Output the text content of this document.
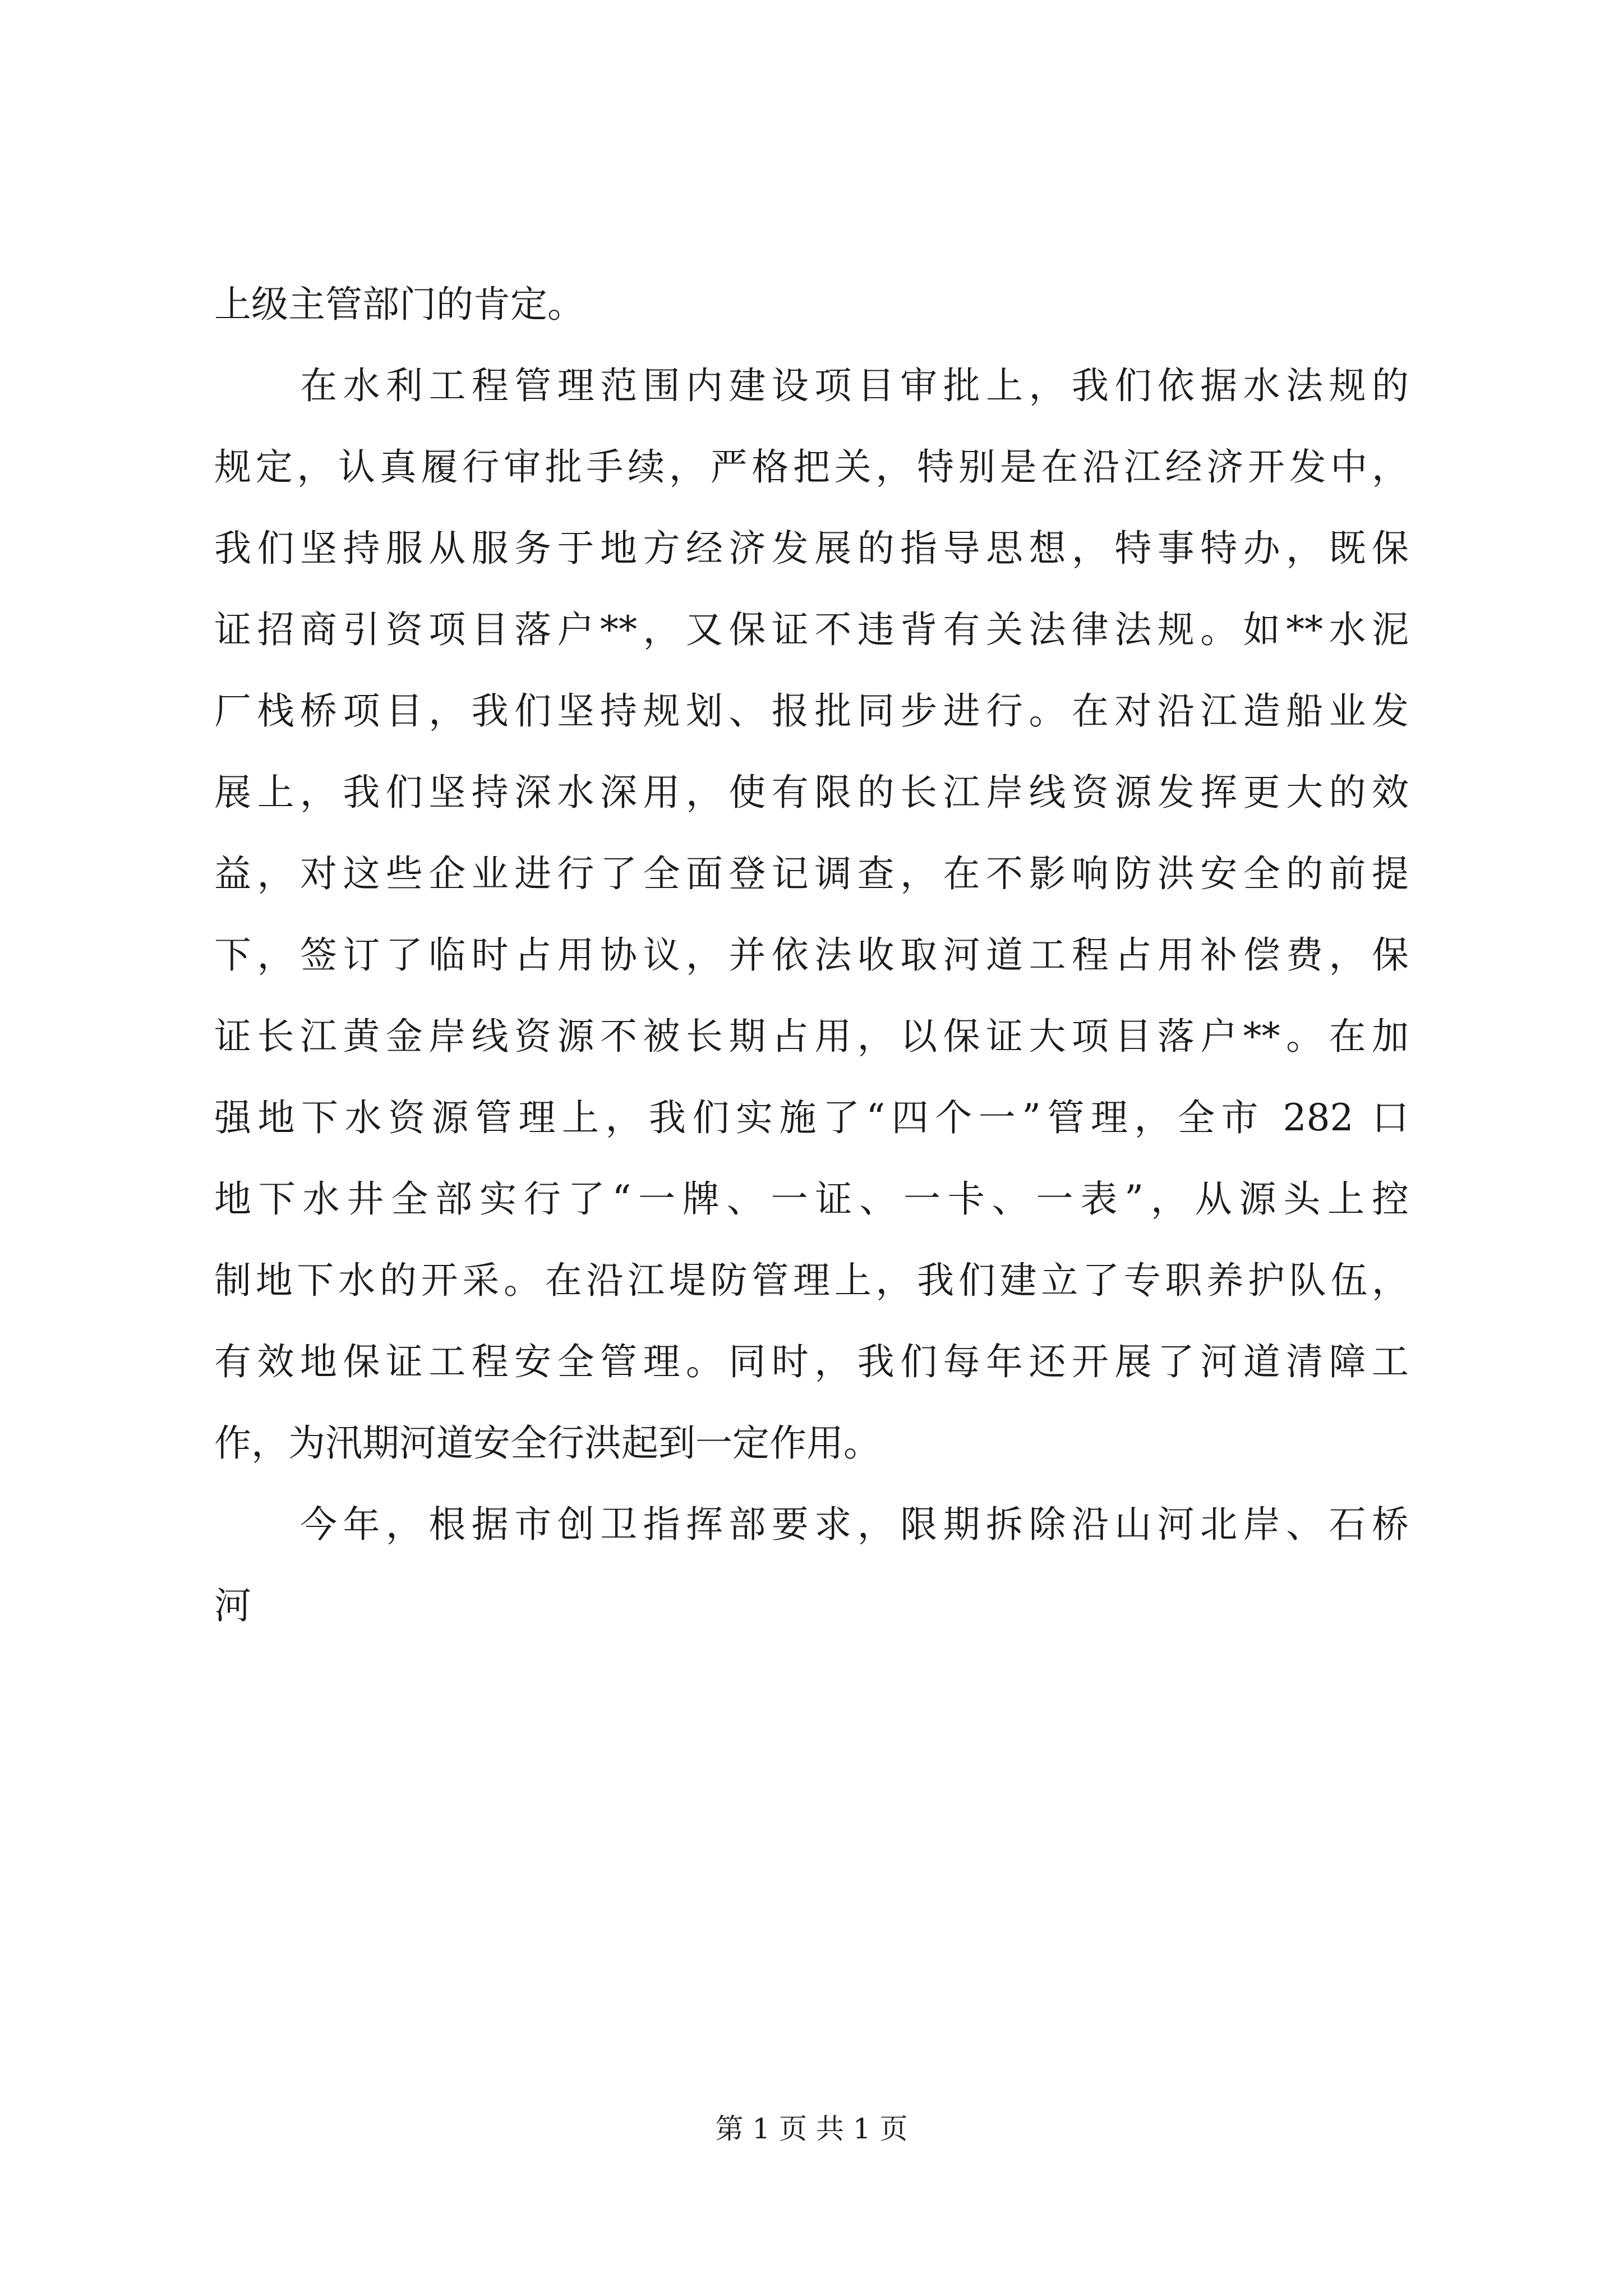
上级主管部门的肯定。
在水利工程管理范围内建设项目审批上，我们依据水法规的
规定，认真履行审批手续，严格把关，特别是在沿江经济开发中，
我们坚持服从服务于地方经济发展的指导思想，特事特办，既保
证招商引资项目落户**，又保证不违背有关法律法规。如**水泥
厂栈桥项目，我们坚持规划、报批同步进行。在对沿江造船业发
展上，我们坚持深水深用，使有限的长江岸线资源发挥更大的效
益，对这些企业进行了全面登记调查，在不影响防洪安全的前提
下，签订了临时占用协议，并依法收取河道工程占用补偿费，保
证长江黄金岸线资源不被长期占用，以保证大项目落户**。在加
强地下水资源管理上，我们实施了“四个一”管理，全市 282 口
地下水井全部实行了“一牌、一证、一卡、一表”，从源头上控
制地下水的开采。在沿江堤防管理上，我们建立了专职养护队伍，
有效地保证工程安全管理。同时，我们每年还开展了河道清障工
作，为汛期河道安全行洪起到一定作用。
今年，根据市创卫指挥部要求，限期拆除沿山河北岸、石桥
河
第 1 页 共 1 页
